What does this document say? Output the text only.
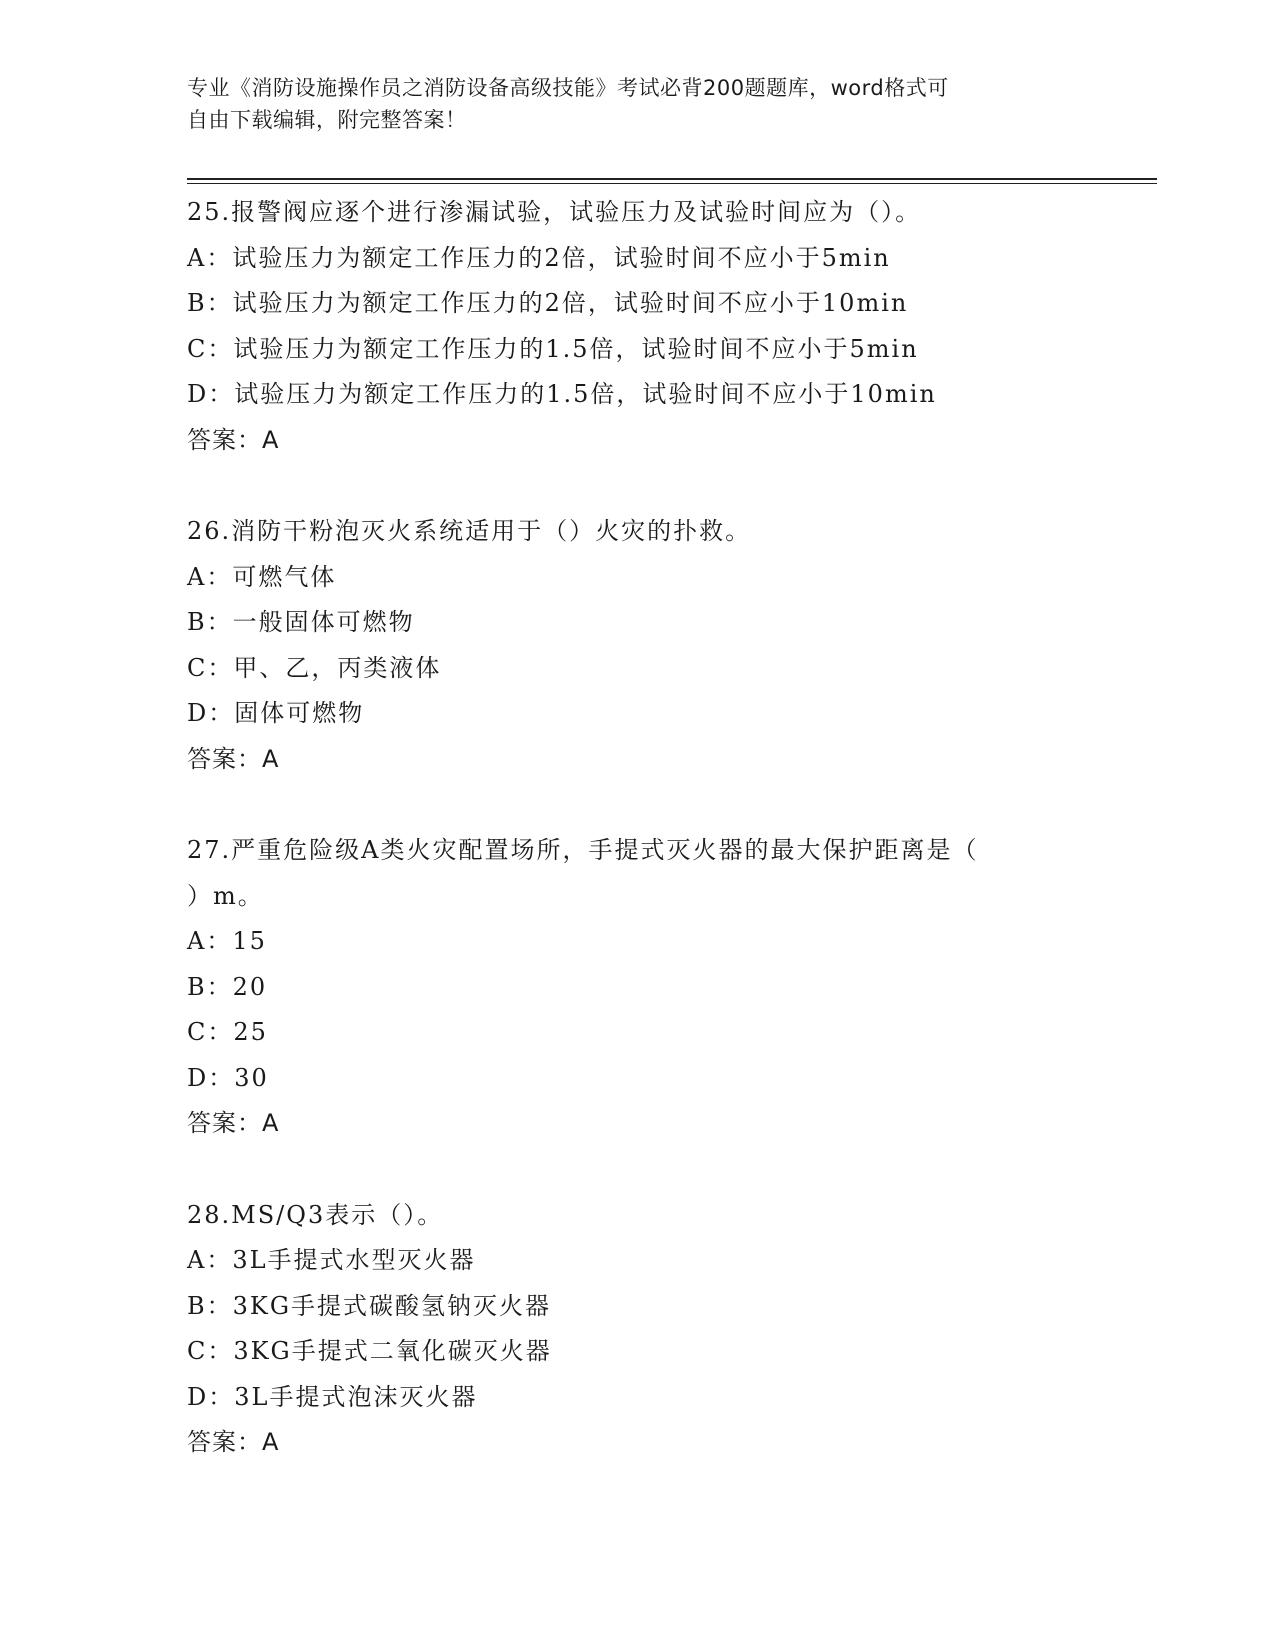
专业《消防设施操作员之消防设备高级技能》考试必背200题题库，word格式可
自由下载编辑，附完整答案！
25.报警阀应逐个进行渗漏试验，试验压力及试验时间应为（）。
A：试验压力为额定工作压力的2倍，试验时间不应小于5min
B：试验压力为额定工作压力的2倍，试验时间不应小于10min
C：试验压力为额定工作压力的1.5倍，试验时间不应小于5min
D：试验压力为额定工作压力的1.5倍，试验时间不应小于10min
答案：A
26.消防干粉泡灭火系统适用于（）火灾的扑救。
A：可燃气体
B：一般固体可燃物
C：甲、乙，丙类液体
D：固体可燃物
答案：A
27.严重危险级A类火灾配置场所，手提式灭火器的最大保护距离是（
）m。
A：15
B：20
C：25
D：30
答案：A
28.MS/Q3表示（）。
A：3L手提式水型灭火器
B：3KG手提式碳酸氢钠灭火器
C：3KG手提式二氧化碳灭火器
D：3L手提式泡沫灭火器
答案：A
